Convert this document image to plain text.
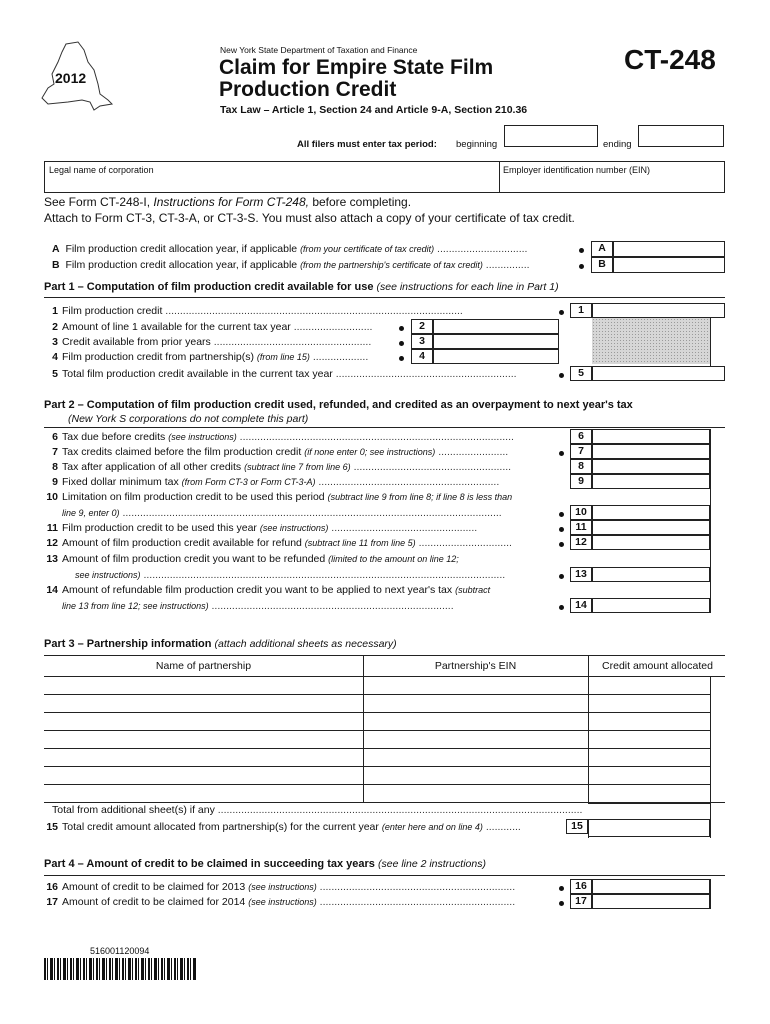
2012
New York State Department of Taxation and Finance
Claim for Empire State Film
Production Credit
CT-248
Tax Law – Article 1, Section 24 and Article 9-A, Section 210.36
All filers must enter tax period: beginning	ending
Legal name of corporation	Employer identification number (EIN)
See Form CT-248-I, Instructions for Form CT-248, before completing.
Attach to Form CT-3, CT-3-A, or CT-3-S. You must also attach a copy of your certificate of tax credit.
A Film production credit allocation year, if applicable (from your certificate of tax credit) ...............................	A
B Film production credit allocation year, if applicable (from the partnership's certificate of tax credit) ...............	B
Part 1 – Computation of film production credit available for use (see instructions for each line in Part 1)
1 Film production credit ......................................................................................................	1
2 Amount of line 1 available for the current tax year ...........................	2
3 Credit available from prior years ......................................................	3
4 Film production credit from partnership(s) (from line 15) ...................	4
5 Total film production credit available in the current tax year ..............................................................	5
Part 2 – Computation of film production credit used, refunded, and credited as an overpayment to next year's tax
(New York S corporations do not complete this part)
6 Tax due before credits (see instructions) ..............................................................................................	6
7 Tax credits claimed before the film production credit (if none enter 0; see instructions) ........................	7
8 Tax after application of all other credits (subtract line 7 from line 6) ......................................................	8
9 Fixed dollar minimum tax (from Form CT-3 or Form CT-3-A) ..............................................................	9
10 Limitation on film production credit to be used this period (subtract line 9 from line 8; if line 8 is less than
line 9, enter 0) ..................................................................................................................................	10
11 Film production credit to be used this year (see instructions) ..................................................	11
12 Amount of film production credit available for refund (subtract line 11 from line 5) ................................	12
13 Amount of film production credit you want to be refunded (limited to the amount on line 12;
see instructions) ............................................................................................................................	13
14 Amount of refundable film production credit you want to be applied to next year's tax (subtract
line 13 from line 12; see instructions) ...................................................................................	14
Part 3 – Partnership information (attach additional sheets as necessary)
Name of partnership	Partnership's EIN	Credit amount allocated
Total from additional sheet(s) if any .............................................................................................................................
15 Total credit amount allocated from partnership(s) for the current year (enter here and on line 4) ............	15
Part 4 – Amount of credit to be claimed in succeeding tax years (see line 2 instructions)
16 Amount of credit to be claimed for 2013 (see instructions) ...................................................................	16
17 Amount of credit to be claimed for 2014 (see instructions) ...................................................................	17
516001120094
